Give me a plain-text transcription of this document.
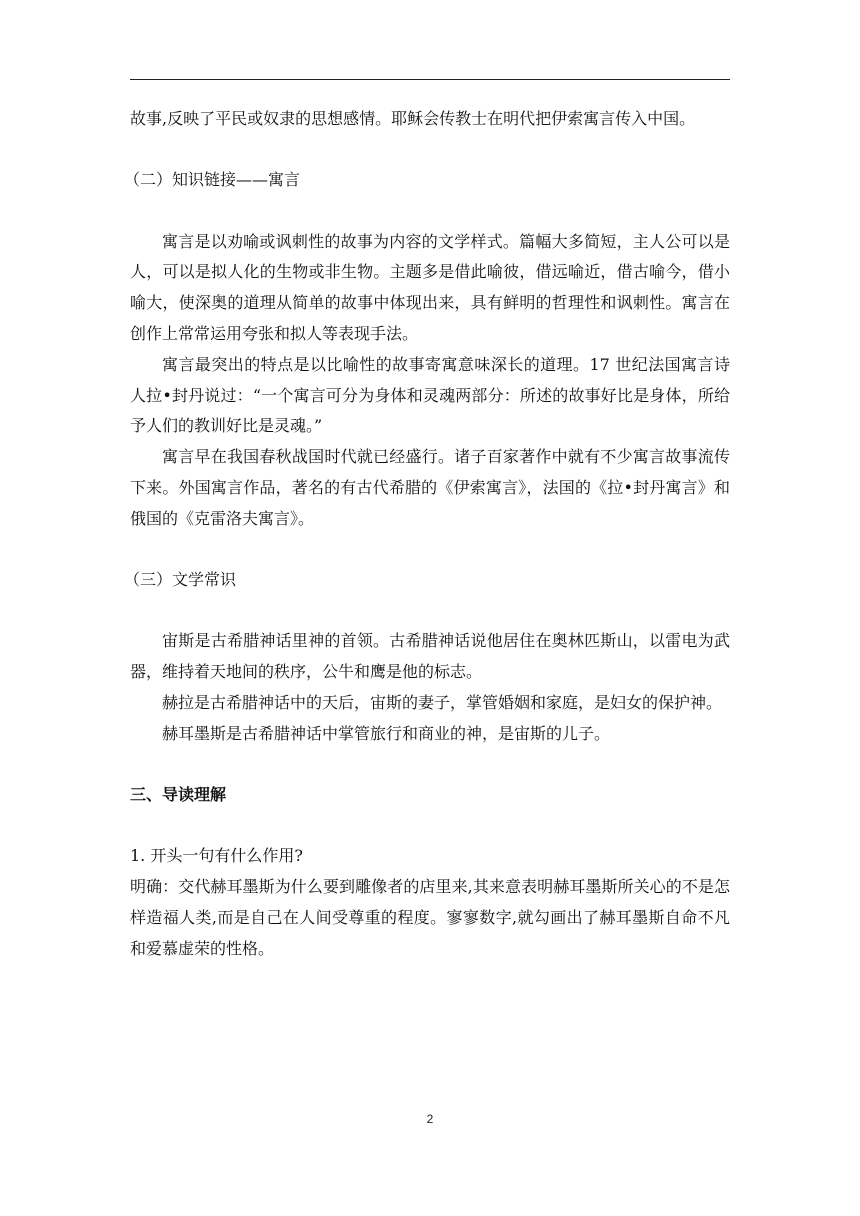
故事,反映了平民或奴隶的思想感情。耶稣会传教士在明代把伊索寓言传入中国。

（二）知识链接——寓言

寓言是以劝喻或讽刺性的故事为内容的文学样式。篇幅大多简短，主人公可以是人，可以是拟人化的生物或非生物。主题多是借此喻彼，借远喻近，借古喻今，借小喻大，使深奥的道理从简单的故事中体现出来，具有鲜明的哲理性和讽刺性。寓言在创作上常常运用夸张和拟人等表现手法。

寓言最突出的特点是以比喻性的故事寄寓意味深长的道理。17 世纪法国寓言诗人拉•封丹说过：“一个寓言可分为身体和灵魂两部分：所述的故事好比是身体，所给予人们的教训好比是灵魂。”

寓言早在我国春秋战国时代就已经盛行。诸子百家著作中就有不少寓言故事流传下来。外国寓言作品，著名的有古代希腊的《伊索寓言》，法国的《拉•封丹寓言》和俄国的《克雷洛夫寓言》。

（三）文学常识

宙斯是古希腊神话里神的首领。古希腊神话说他居住在奥林匹斯山，以雷电为武器，维持着天地间的秩序，公牛和鹰是他的标志。

赫拉是古希腊神话中的天后，宙斯的妻子，掌管婚姻和家庭，是妇女的保护神。

赫耳墨斯是古希腊神话中掌管旅行和商业的神，是宙斯的儿子。

三、导读理解

1. 开头一句有什么作用?

明确：交代赫耳墨斯为什么要到雕像者的店里来,其来意表明赫耳墨斯所关心的不是怎样造福人类,而是自己在人间受尊重的程度。寥寥数字,就勾画出了赫耳墨斯自命不凡和爱慕虚荣的性格。

2
